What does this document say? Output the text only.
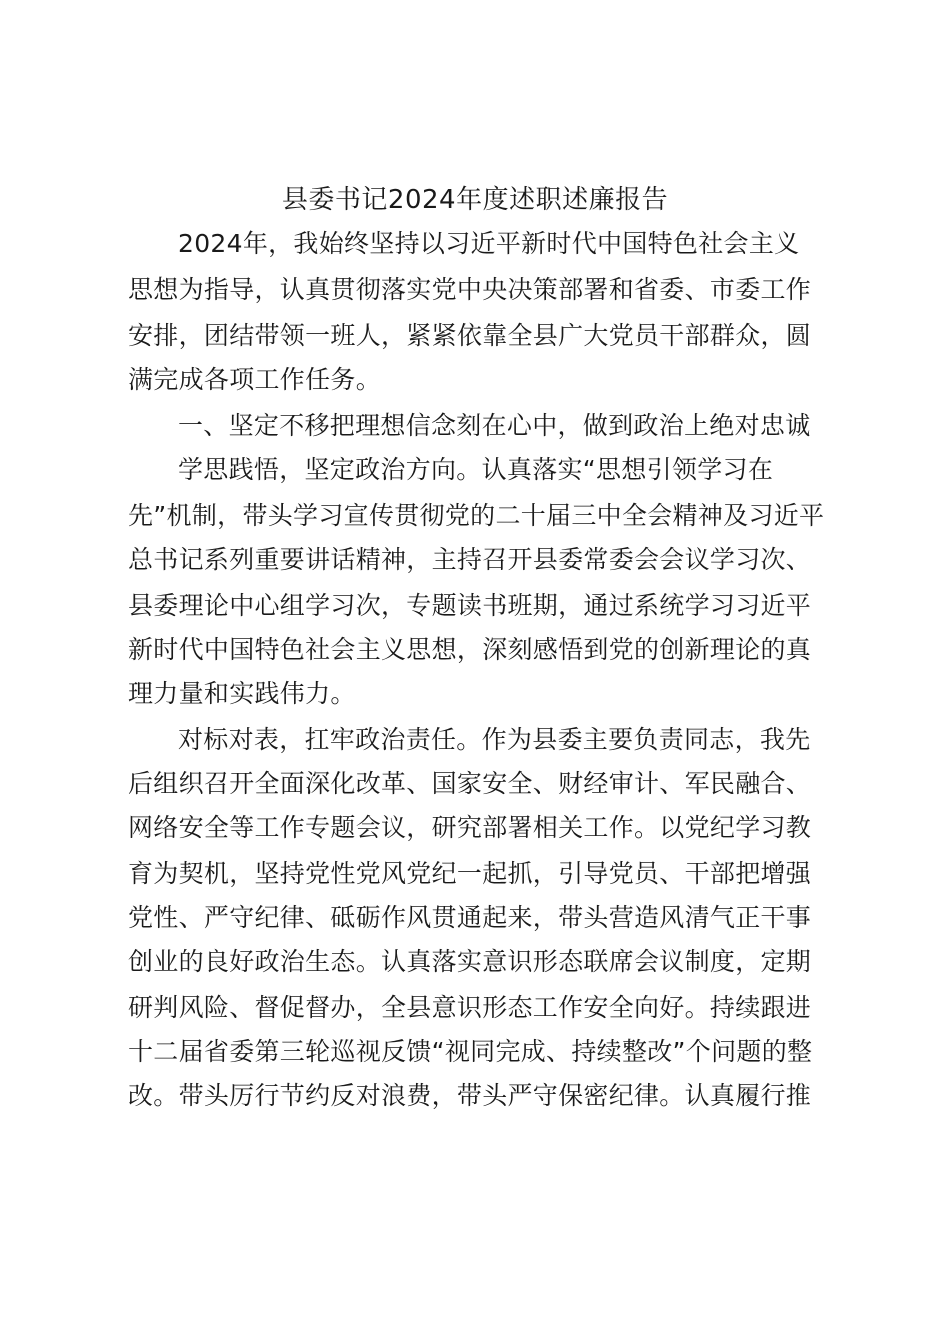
县委书记2024年度述职述廉报告
2024年，我始终坚持以习近平新时代中国特色社会主义
思想为指导，认真贯彻落实党中央决策部署和省委、市委工作
安排，团结带领一班人，紧紧依靠全县广大党员干部群众，圆
满完成各项工作任务。
一、坚定不移把理想信念刻在心中，做到政治上绝对忠诚
学思践悟，坚定政治方向。认真落实“思想引领学习在
先”机制，带头学习宣传贯彻党的二十届三中全会精神及习近平
总书记系列重要讲话精神，主持召开县委常委会会议学习次、
县委理论中心组学习次，专题读书班期，通过系统学习习近平
新时代中国特色社会主义思想，深刻感悟到党的创新理论的真
理力量和实践伟力。
对标对表，扛牢政治责任。作为县委主要负责同志，我先
后组织召开全面深化改革、国家安全、财经审计、军民融合、
网络安全等工作专题会议，研究部署相关工作。以党纪学习教
育为契机，坚持党性党风党纪一起抓，引导党员、干部把增强
党性、严守纪律、砥砺作风贯通起来，带头营造风清气正干事
创业的良好政治生态。认真落实意识形态联席会议制度，定期
研判风险、督促督办，全县意识形态工作安全向好。持续跟进
十二届省委第三轮巡视反馈“视同完成、持续整改”个问题的整
改。带头厉行节约反对浪费，带头严守保密纪律。认真履行推
